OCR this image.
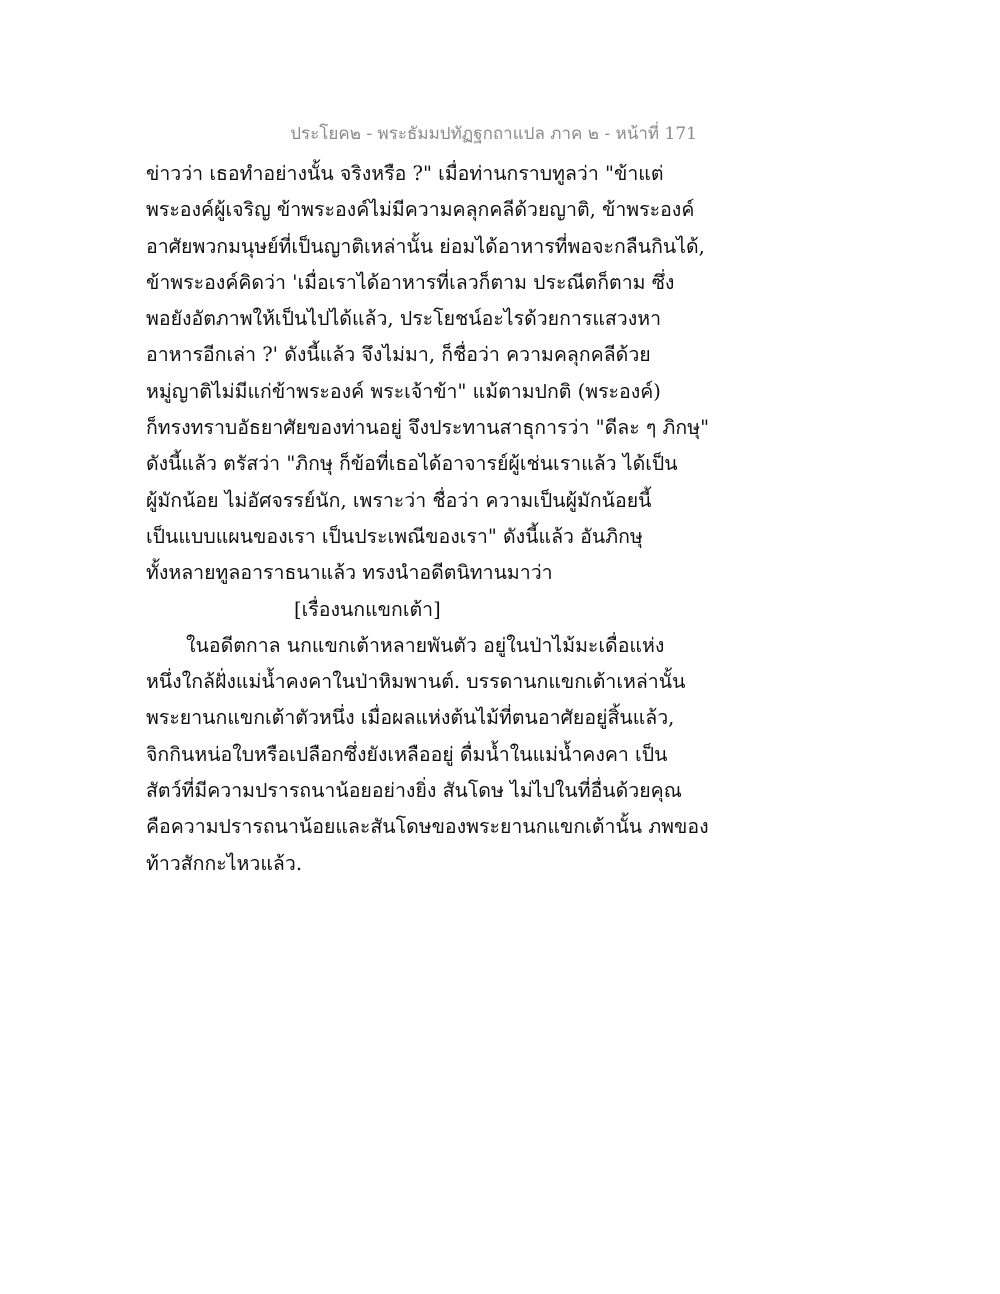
ประโยค๒ - พระธัมมปทัฏฐกถาแปล ภาค ๒ - หน้าที่ 171
ข่าวว่า เธอทำอย่างนั้น จริงหรือ ?" เมื่อท่านกราบทูลว่า "ข้าแต่
พระองค์ผู้เจริญ ข้าพระองค์ไม่มีความคลุกคลีด้วยญาติ, ข้าพระองค์
อาศัยพวกมนุษย์ที่เป็นญาติเหล่านั้น ย่อมได้อาหารที่พอจะกลืนกินได้,
ข้าพระองค์คิดว่า 'เมื่อเราได้อาหารที่เลวก็ตาม ประณีตก็ตาม ซึ่ง
พอยังอัตภาพให้เป็นไปได้แล้ว, ประโยชน์อะไรด้วยการแสวงหา
อาหารอีกเล่า ?' ดังนี้แล้ว จึงไม่มา, ก็ชื่อว่า ความคลุกคลีด้วย
หมู่ญาติไม่มีแก่ข้าพระองค์ พระเจ้าข้า" แม้ตามปกติ (พระองค์)
ก็ทรงทราบอัธยาศัยของท่านอยู่ จึงประทานสาธุการว่า "ดีละ ๆ ภิกษุ"
ดังนี้แล้ว ตรัสว่า "ภิกษุ ก็ข้อที่เธอได้อาจารย์ผู้เช่นเราแล้ว ได้เป็น
ผู้มักน้อย ไม่อัศจรรย์นัก, เพราะว่า ชื่อว่า ความเป็นผู้มักน้อยนี้
เป็นแบบแผนของเรา เป็นประเพณีของเรา" ดังนี้แล้ว อันภิกษุ
ทั้งหลายทูลอาราธนาแล้ว ทรงนำอดีตนิทานมาว่า
[เรื่องนกแขกเต้า]
ในอดีตกาล นกแขกเต้าหลายพันตัว อยู่ในป่าไม้มะเดื่อแห่ง
หนึ่งใกล้ฝั่งแม่น้ำคงคาในป่าหิมพานต์. บรรดานกแขกเต้าเหล่านั้น
พระยานกแขกเต้าตัวหนึ่ง เมื่อผลแห่งต้นไม้ที่ตนอาศัยอยู่สิ้นแล้ว,
จิกกินหน่อใบหรือเปลือกซึ่งยังเหลืออยู่ ดื่มน้ำในแม่น้ำคงคา เป็น
สัตว์ที่มีความปรารถนาน้อยอย่างยิ่ง สันโดษ ไม่ไปในที่อื่นด้วยคุณ
คือความปรารถนาน้อยและสันโดษของพระยานกแขกเต้านั้น ภพของ
ท้าวสักกะไหวแล้ว.
